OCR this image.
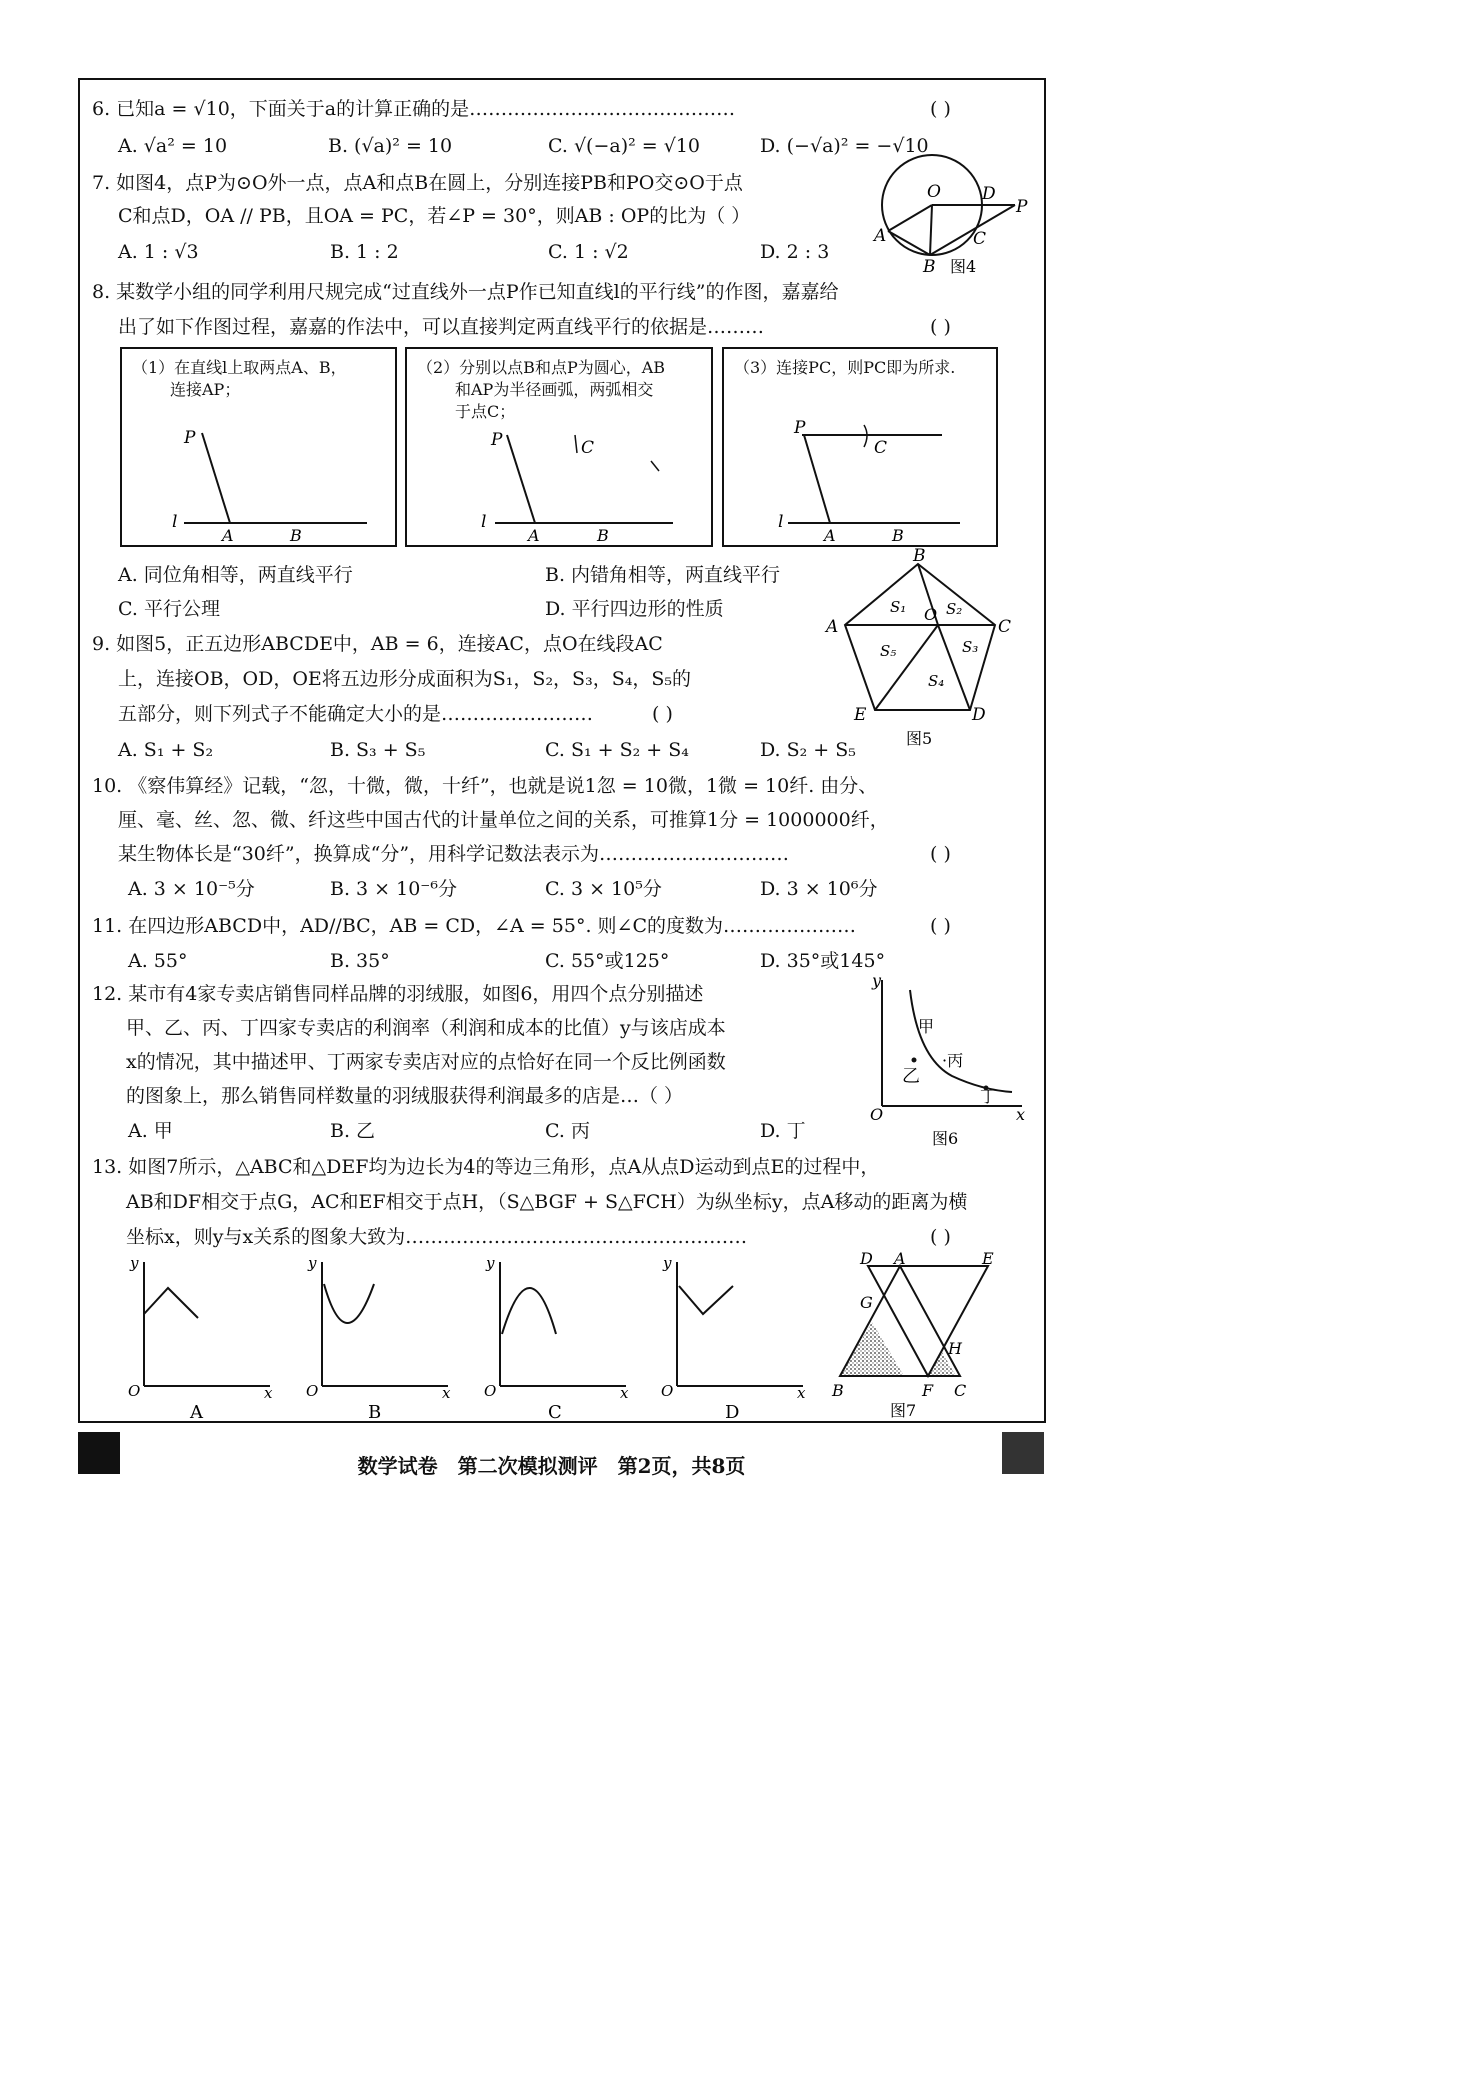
6. 已知a = √10，下面关于a的计算正确的是……………………………………	( )
A. √a² = 10	B. (√a)² = 10	C. √(−a)² = √10	D. (−√a)² = −√10
7. 如图4，点P为⊙O外一点，点A和点B在圆上，分别连接PB和PO交⊙O于点
C和点D，OA // PB，且OA = PC，若∠P = 30°，则AB : OP的比为（ ）
A. 1 : √3	B. 1 : 2	C. 1 : √2	D. 2 : 3
O D
P
A	C
B 图4
8. 某数学小组的同学利用尺规完成“过直线外一点P作已知直线l的平行线”的作图，嘉嘉给
出了如下作图过程，嘉嘉的作法中，可以直接判定两直线平行的依据是………	( )
（1）在直线l上取两点A、B，
连接AP；
P
l
A	B
（2）分别以点B和点P为圆心，AB
和AP为半径画弧，两弧相交
于点C；
P	C
l
A	B
（3）连接PC，则PC即为所求.
P
C
l
A	B
A. 同位角相等，两直线平行	B. 内错角相等，两直线平行
C. 平行公理	D. 平行四边形的性质
9. 如图5，正五边形ABCDE中，AB = 6，连接AC，点O在线段AC
上，连接OB，OD，OE将五边形分成面积为S₁，S₂，S₃，S₄，S₅的
五部分，则下列式子不能确定大小的是……………………	( )
A. S₁ + S₂	B. S₃ + S₅	C. S₁ + S₂ + S₄	D. S₂ + S₅
B
A	C
O
E	D
S₁	S₂
S₃
S₄
S₅
图5
10. 《察伟算经》记载，“忽，十微，微，十纤”，也就是说1忽 = 10微，1微 = 10纤. 由分、
厘、毫、丝、忽、微、纤这些中国古代的计量单位之间的关系，可推算1分 = 1000000纤，
某生物体长是“30纤”，换算成“分”，用科学记数法表示为…………………………	( )
A. 3 × 10⁻⁵分	B. 3 × 10⁻⁶分	C. 3 × 10⁵分	D. 3 × 10⁶分
11. 在四边形ABCD中，AD//BC，AB = CD，∠A = 55°. 则∠C的度数为…………………	( )
A. 55°	B. 35°	C. 55°或125°	D. 35°或145°
12. 某市有4家专卖店销售同样品牌的羽绒服，如图6，用四个点分别描述
甲、乙、丙、丁四家专卖店的利润率（利润和成本的比值）y与该店成本
x的情况，其中描述甲、丁两家专卖店对应的点恰好在同一个反比例函数
的图象上，那么销售同样数量的羽绒服获得利润最多的店是…（ ）
A. 甲	B. 乙	C. 丙	D. 丁
y
x
O
甲
乙
·丙
丁
图6
13. 如图7所示，△ABC和△DEF均为边长为4的等边三角形，点A从点D运动到点E的过程中，
AB和DF相交于点G，AC和EF相交于点H，（S△BGF + S△FCH）为纵坐标y，点A移动的距离为横
坐标x，则y与x关系的图象大致为………………………………………………	( )
y
O	x
A
y
O	x
B
y
O	x
C
y
O	x
D
D A	E
G
H
B	F C
图7
数学试卷　第二次模拟测评　第2页，共8页
